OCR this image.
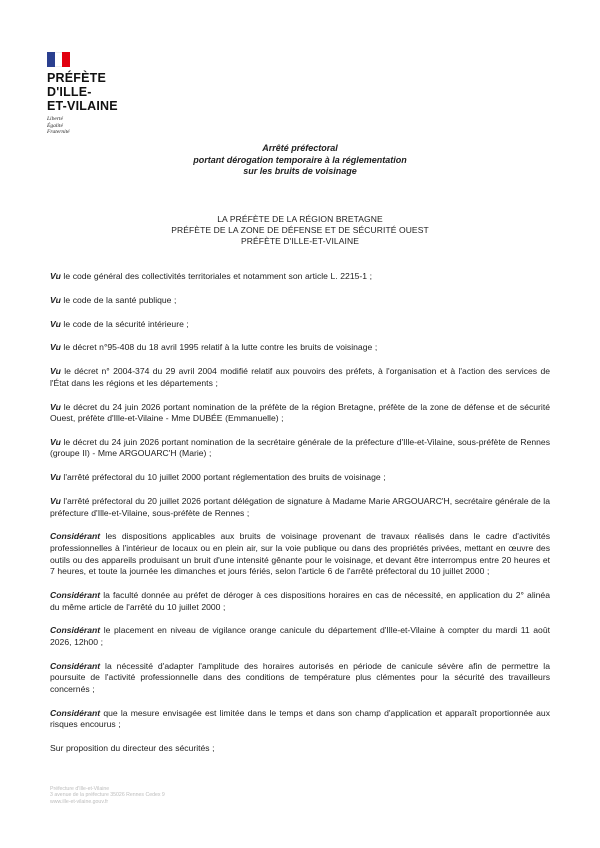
PRÉFÈTE
D'ILLE-
ET-VILAINE
Liberté
Égalité
Fraternité
Arrêté préfectoral
portant dérogation temporaire à la réglementation
sur les bruits de voisinage
LA PRÉFÈTE DE LA RÉGION BRETAGNE
PRÉFÈTE DE LA ZONE DE DÉFENSE ET DE SÉCURITÉ OUEST
PRÉFÈTE D'ILLE-ET-VILAINE

Vu le code général des collectivités territoriales et notamment son article L. 2215-1 ;

Vu le code de la santé publique ;

Vu le code de la sécurité intérieure ;

Vu le décret n°95-408 du 18 avril 1995 relatif à la lutte contre les bruits de voisinage ;

Vu le décret n° 2004-374 du 29 avril 2004 modifié relatif aux pouvoirs des préfets, à l'organisation et à l'action des services de l'État dans les régions et les départements ;

Vu le décret du 24 juin 2026 portant nomination de la préfète de la région Bretagne, préfète de la zone de défense et de sécurité Ouest, préfète d'Ille-et-Vilaine - Mme DUBÉE (Emmanuelle) ;

Vu le décret du 24 juin 2026 portant nomination de la secrétaire générale de la préfecture d'Ille-et-Vilaine, sous-préfète de Rennes (groupe II) - Mme ARGOUARC'H (Marie) ;

Vu l'arrêté préfectoral du 10 juillet 2000 portant réglementation des bruits de voisinage ;

Vu l'arrêté préfectoral du 20 juillet 2026 portant délégation de signature à Madame Marie ARGOUARC'H, secrétaire générale de la préfecture d'Ille-et-Vilaine, sous-préfète de Rennes ;

Considérant les dispositions applicables aux bruits de voisinage provenant de travaux réalisés dans le cadre d'activités professionnelles à l'intérieur de locaux ou en plein air, sur la voie publique ou dans des propriétés privées, mettant en œuvre des outils ou des appareils produisant un bruit d'une intensité gênante pour le voisinage, et devant être interrompus entre 20 heures et 7 heures, et toute la journée les dimanches et jours fériés, selon l'article 6 de l'arrêté préfectoral du 10 juillet 2000 ;

Considérant la faculté donnée au préfet de déroger à ces dispositions horaires en cas de nécessité, en application du 2° alinéa du même article de l'arrêté du 10 juillet 2000 ;

Considérant le placement en niveau de vigilance orange canicule du département d'Ille-et-Vilaine à compter du mardi 11 août 2026, 12h00 ;

Considérant la nécessité d'adapter l'amplitude des horaires autorisés en période de canicule sévère afin de permettre la poursuite de l'activité professionnelle dans des conditions de température plus clémentes pour la sécurité des travailleurs concernés ;

Considérant que la mesure envisagée est limitée dans le temps et dans son champ d'application et apparaît proportionnée aux risques encourus ;

Sur proposition du directeur des sécurités ;

Préfecture d'Ille-et-Vilaine
3 avenue de la préfecture 35026 Rennes Cedex 9
www.ille-et-vilaine.gouv.fr
